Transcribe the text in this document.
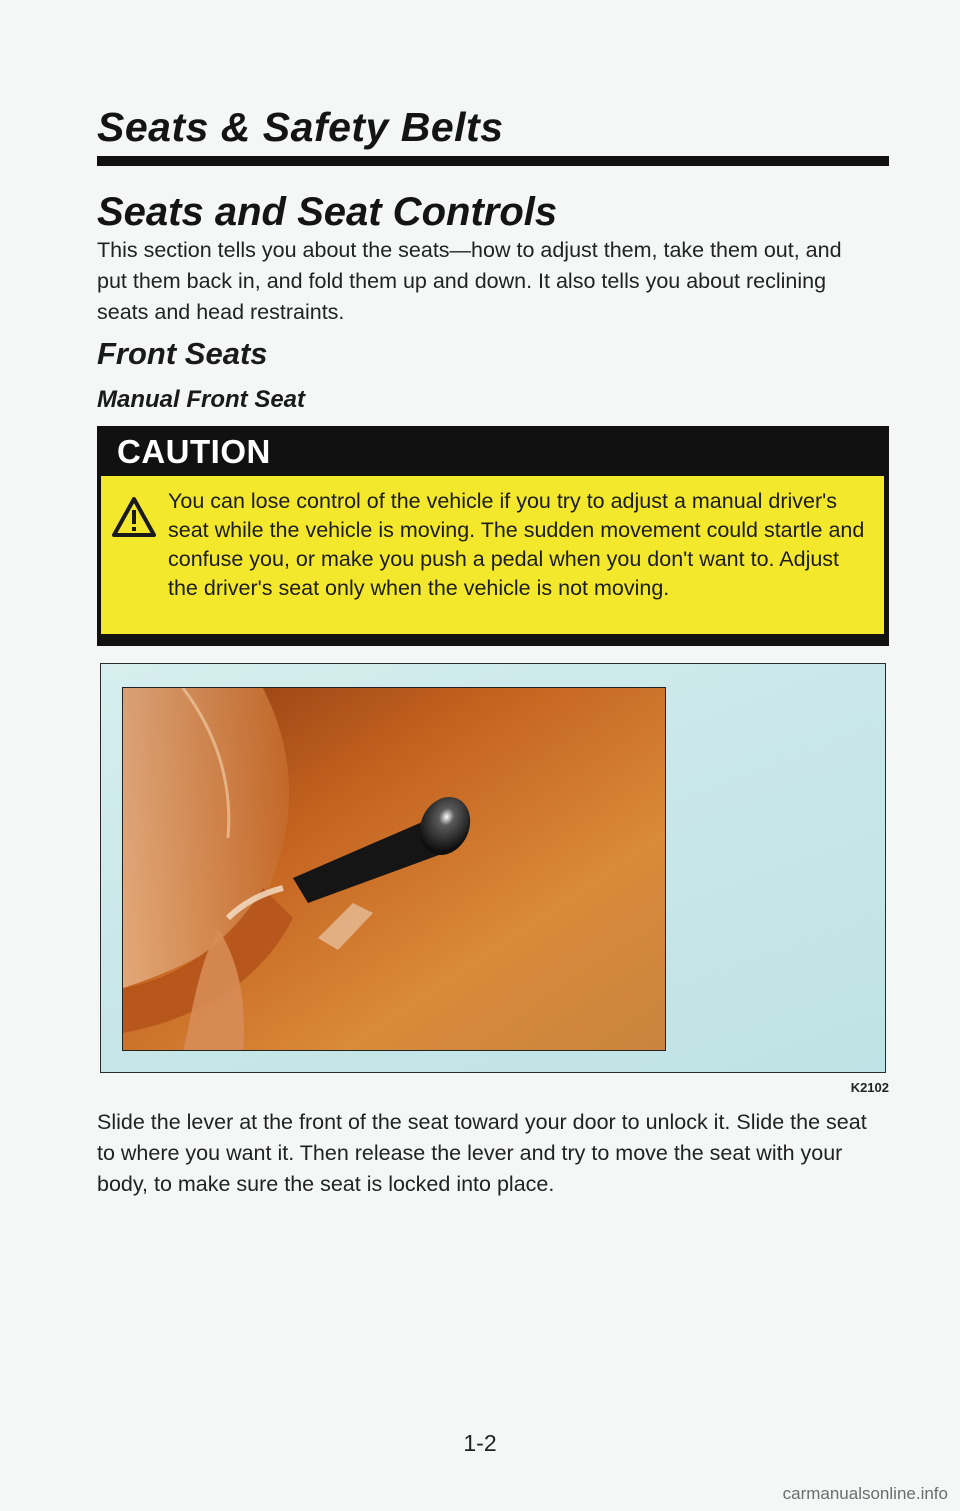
Seats & Safety Belts
Seats and Seat Controls
This section tells you about the seats—how to adjust them, take them out, and put them back in, and fold them up and down. It also tells you about reclining seats and head restraints.
Front Seats
Manual Front Seat
CAUTION
You can lose control of the vehicle if you try to adjust a manual driver's seat while the vehicle is moving. The sudden movement could startle and confuse you, or make you push a pedal when you don't want to. Adjust the driver's seat only when the vehicle is not moving.
K2102
Slide the lever at the front of the seat toward your door to unlock it. Slide the seat to where you want it. Then release the lever and try to move the seat with your body, to make sure the seat is locked into place.
1-2
carmanualsonline.info
